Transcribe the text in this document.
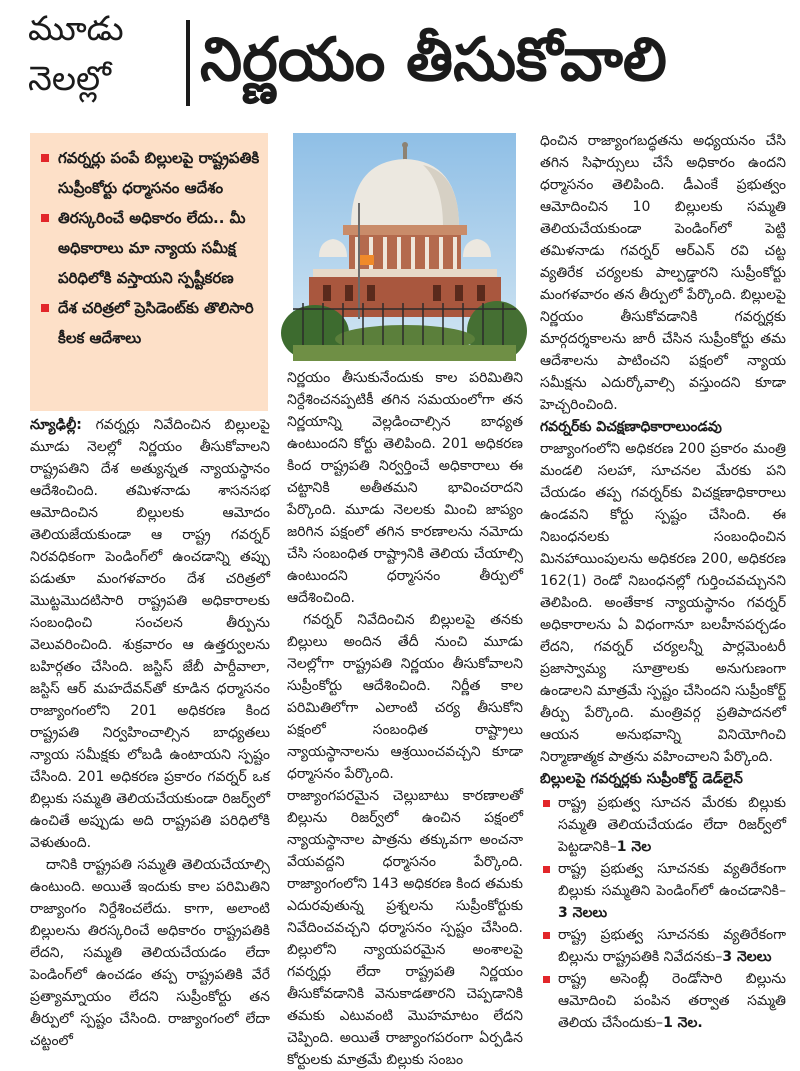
మూడు
నెలల్లో	నిర్ణయం తీసుకోవాలి
గవర్నర్లు పంపే బిల్లులపై రాష్ట్రపతికి సుప్రీంకోర్టు ధర్మాసనం ఆదేశం
తిరస్కరించే అధికారం లేదు.. మీ అధికారాలు మా న్యాయ సమీక్ష పరిధిలోకి వస్తాయని స్పష్టీకరణ
దేశ చరిత్రలో ప్రెసిడెంట్‌కు తొలిసారి కీలక ఆదేశాలు

న్యూఢిల్లీ: గవర్నర్లు నివేదించిన బిల్లులపై మూడు నెలల్లో నిర్ణయం తీసుకోవాలని రాష్ట్రపతిని దేశ అత్యున్నత న్యాయస్థానం ఆదేశించింది. తమిళనాడు శాసనసభ ఆమోదించిన బిల్లులకు ఆమోదం తెలియజేయకుండా ఆ రాష్ట్ర గవర్నర్ నిరవధికంగా పెండింగ్‌లో ఉంచడాన్ని తప్పు పడుతూ మంగళవారం దేశ చరిత్రలో మొట్టమొదటిసారి రాష్ట్రపతి అధికారాలకు సంబంధించి సంచలన తీర్పును వెలువరించింది. శుక్రవారం ఆ ఉత్తర్వులను బహిర్గతం చేసింది. జస్టిస్ జేబీ పార్దీవాలా, జస్టిస్ ఆర్ మహదేవన్‌తో కూడిన ధర్మాసనం రాజ్యాంగంలోని 201 అధికరణ కింద రాష్ట్రపతి నిర్వహించాల్సిన బాధ్యతలు న్యాయ సమీక్షకు లోబడి ఉంటాయని స్పష్టం చేసింది. 201 అధికరణ ప్రకారం గవర్నర్ ఒక బిల్లుకు సమ్మతి తెలియచేయకుండా రిజర్వ్‌లో ఉంచితే అప్పుడు అది రాష్ట్రపతి పరిధిలోకి వెళుతుంది.

దానికి రాష్ట్రపతి సమ్మతి తెలియచేయాల్సి ఉంటుంది. అయితే ఇందుకు కాల పరిమితిని రాజ్యాంగం నిర్దేశించలేదు. కాగా, అలాంటి బిల్లులను తిరస్కరించే అధికారం రాష్ట్రపతికి లేదని, సమ్మతి తెలియచేయడం లేదా పెండింగ్‌లో ఉంచడం తప్ప రాష్ట్రపతికి వేరే ప్రత్యామ్నాయం లేదని సుప్రీంకోర్టు తన తీర్పులో స్పష్టం చేసింది. రాజ్యాంగంలో లేదా చట్టంలో

నిర్ణయం తీసుకునేందుకు కాల పరిమితిని నిర్దేశించనప్పటికీ తగిన సమయంలోగా తన నిర్ణయాన్ని వెల్లడించాల్సిన బాధ్యత ఉంటుందని కోర్టు తెలిపింది. 201 అధికరణ కింద రాష్ట్రపతి నిర్వర్తించే అధికారాలు ఈ చట్టానికి అతీతమని భావించరాదని పేర్కొంది. మూడు నెలలకు మించి జాప్యం జరిగిన పక్షంలో తగిన కారణాలను నమోదు చేసి సంబంధిత రాష్ట్రానికి తెలియ చేయాల్సి ఉంటుందని ధర్మాసనం తీర్పులో ఆదేశించింది.

గవర్నర్ నివేదించిన బిల్లులపై తనకు బిల్లులు అందిన తేదీ నుంచి మూడు నెలల్లోగా రాష్ట్రపతి నిర్ణయం తీసుకోవాలని సుప్రీంకోర్టు ఆదేశించింది. నిర్ణీత కాల పరిమితిలోగా ఎలాంటి చర్య తీసుకోని పక్షంలో సంబంధిత రాష్ట్రాలు న్యాయస్థానాలను ఆశ్రయించవచ్చని కూడా ధర్మాసనం పేర్కొంది.

రాజ్యాంగపరమైన చెల్లుబాటు కారణాలతో బిల్లును రిజర్వ్‌లో ఉంచిన పక్షంలో న్యాయస్థానాల పాత్రను తక్కువగా అంచనా వేయవద్దని ధర్మాసనం పేర్కొంది. రాజ్యాంగంలోని 143 అధికరణ కింద తమకు ఎదురవుతున్న ప్రశ్నలను సుప్రీంకోర్టుకు నివేదించవచ్చని ధర్మాసనం స్పష్టం చేసింది. బిల్లులోని న్యాయపరమైన అంశాలపై గవర్నర్లు లేదా రాష్ట్రపతి నిర్ణయం తీసుకోవడానికి వెనుకాడతారని చెప్పడానికి తమకు ఎటువంటి మొహమాటం లేదని చెప్పింది. అయితే రాజ్యాంగపరంగా ఏర్పడిన కోర్టులకు మాత్రమే బిల్లుకు సంబం

ధించిన రాజ్యాంగబద్ధతను అధ్యయనం చేసి తగిన సిఫార్సులు చేసే అధికారం ఉందని ధర్మాసనం తెలిపింది. డీఎంకే ప్రభుత్వం ఆమోదించిన 10 బిల్లులకు సమ్మతి తెలియచేయకుండా పెండింగ్‌లో పెట్టి తమిళనాడు గవర్నర్ ఆర్‌ఎన్ రవి చట్ట వ్యతిరేక చర్యలకు పాల్పడ్డారని సుప్రీంకోర్టు మంగళవారం తన తీర్పులో పేర్కొంది. బిల్లులపై నిర్ణయం తీసుకోవడానికి గవర్నర్లకు మార్గదర్శకాలను జారీ చేసిన సుప్రీంకోర్టు తమ ఆదేశాలను పాటించని పక్షంలో న్యాయ సమీక్షను ఎదుర్కోవాల్సి వస్తుందని కూడా హెచ్చరించింది.

గవర్నర్‌కు విచక్షణాధికారాలుండవు

రాజ్యాంగంలోని అధికరణ 200 ప్రకారం మంత్రి మండలి సలహా, సూచనల మేరకు పని చేయడం తప్ప గవర్నర్‌కు విచక్షణాధికారాలు ఉండవని కోర్టు స్పష్టం చేసింది. ఈ నిబంధనలకు సంబంధించిన మినహాయింపులను అధికరణ 200, అధికరణ 162(1) రెండో నిబంధనల్లో గుర్తించవచ్చునని తెలిపింది. అంతేకాక న్యాయస్థానం గవర్నర్ అధికారాలను ఏ విధంగానూ బలహీనపర్చడం లేదని, గవర్నర్ చర్యలన్నీ పార్లమెంటరీ ప్రజాస్వామ్య సూత్రాలకు అనుగుణంగా ఉండాలని మాత్రమే స్పష్టం చేసిందని సుప్రీంకోర్ట్ తీర్పు పేర్కొంది. మంత్రివర్గ ప్రతిపాదనలో ఆయన అనుభవాన్ని వినియోగించి నిర్మాణాత్మక పాత్రను వహించాలని పేర్కొంది.

బిల్లులపై గవర్నర్లకు సుప్రీంకోర్ట్ డెడ్‌లైన్

రాష్ట్ర ప్రభుత్వ సూచన మేరకు బిల్లుకు సమ్మతి తెలియచేయడం లేదా రిజర్వ్‌లో పెట్టడానికి–1 నెల
రాష్ట్ర ప్రభుత్వ సూచనకు వ్యతిరేకంగా బిల్లుకు సమ్మతిని పెండింగ్‌లో ఉంచడానికి– 3 నెలలు
రాష్ట్ర ప్రభుత్వ సూచనకు వ్యతిరేకంగా బిల్లును రాష్ట్రపతికి నివేదనకు–3 నెలలు
రాష్ట్ర అసెంబ్లీ రెండోసారి బిల్లును ఆమోదించి పంపిన తర్వాత సమ్మతి తెలియ చేసేందుకు–1 నెల.
